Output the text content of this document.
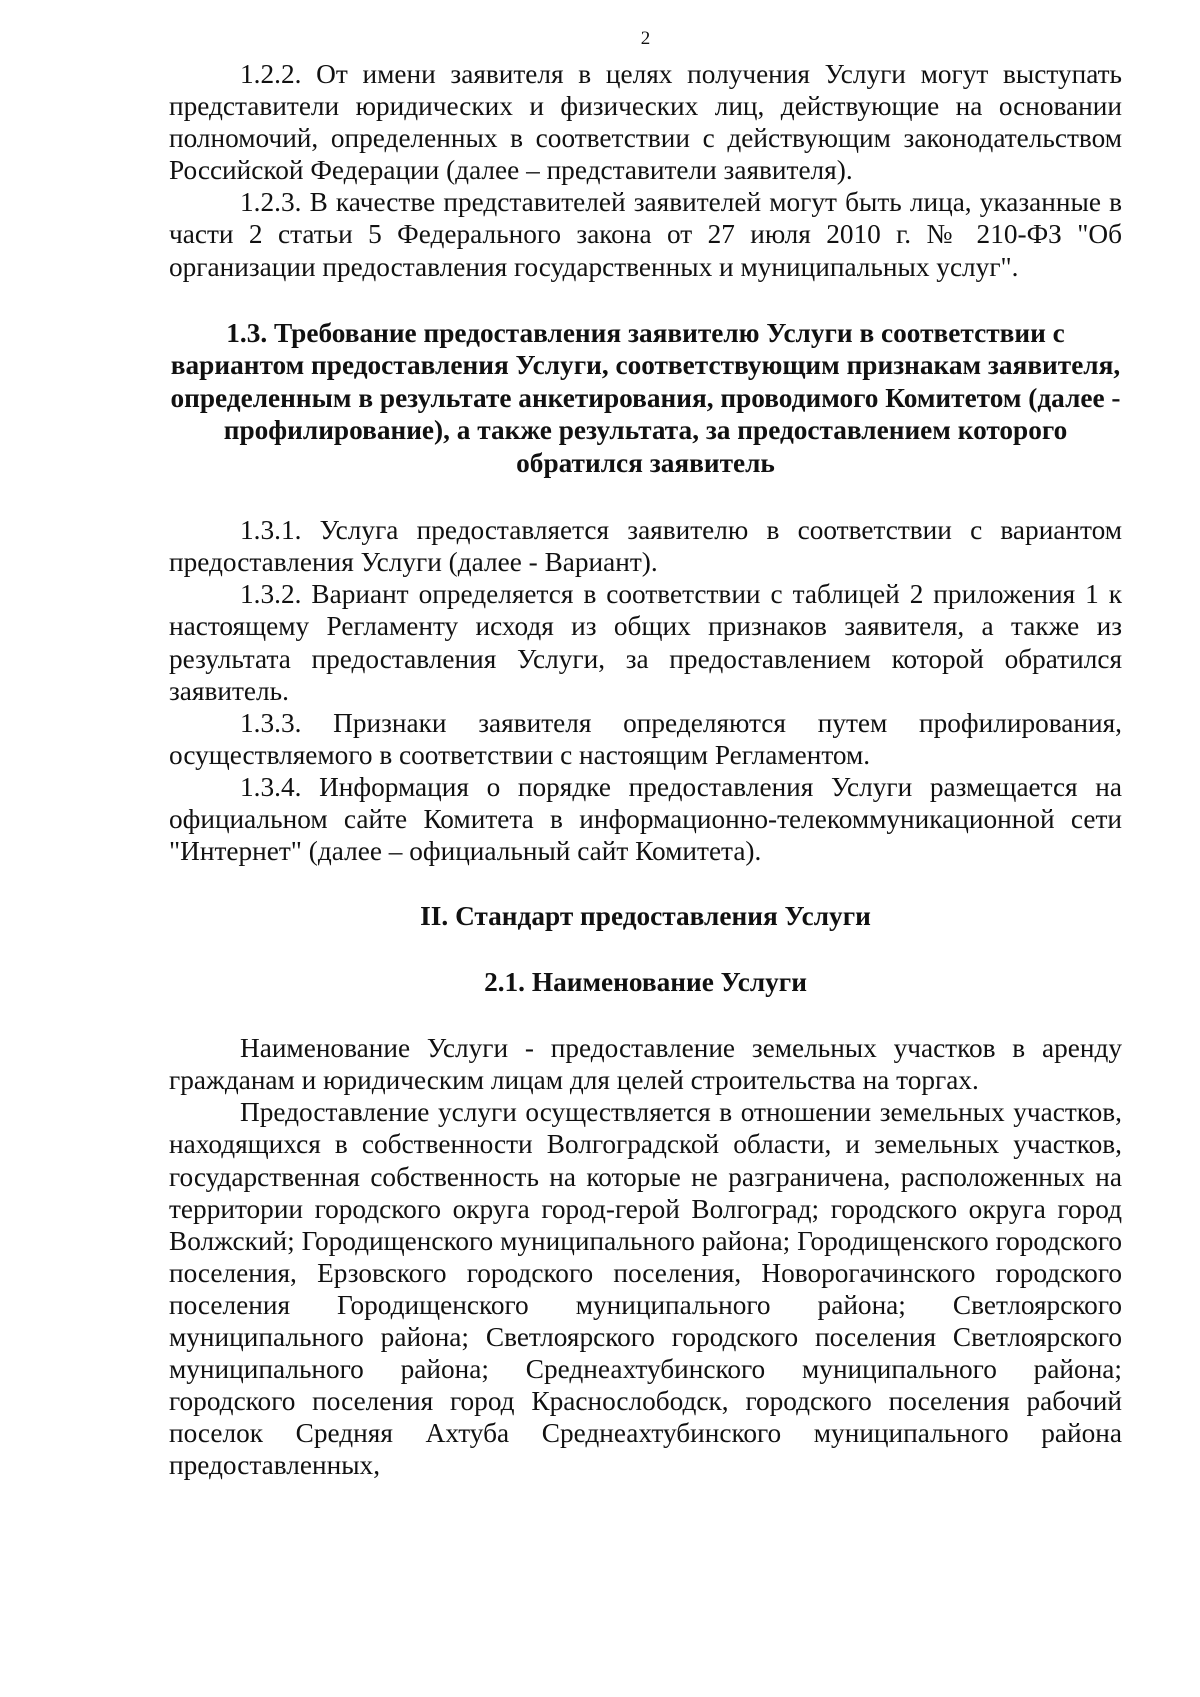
2

1.2.2. От имени заявителя в целях получения Услуги могут выступать представители юридических и физических лиц, действующие на основании полномочий, определенных в соответствии с действующим законодательством Российской Федерации (далее – представители заявителя).

1.2.3. В качестве представителей заявителей могут быть лица, указанные в части 2 статьи 5 Федерального закона от 27 июля 2010 г. № 210-ФЗ "Об организации предоставления государственных и муниципальных услуг".

1.3. Требование предоставления заявителю Услуги в соответствии с вариантом предоставления Услуги, соответствующим признакам заявителя, определенным в результате анкетирования, проводимого Комитетом (далее - профилирование), а также результата, за предоставлением которого обратился заявитель

1.3.1. Услуга предоставляется заявителю в соответствии с вариантом предоставления Услуги (далее - Вариант).

1.3.2. Вариант определяется в соответствии с таблицей 2 приложения 1 к настоящему Регламенту исходя из общих признаков заявителя, а также из результата предоставления Услуги, за предоставлением которой обратился заявитель.

1.3.3. Признаки заявителя определяются путем профилирования, осуществляемого в соответствии с настоящим Регламентом.

1.3.4. Информация о порядке предоставления Услуги размещается на официальном сайте Комитета в информационно-телекоммуникационной сети "Интернет" (далее – официальный сайт Комитета).

II. Стандарт предоставления Услуги
2.1. Наименование Услуги

Наименование Услуги - предоставление земельных участков в аренду гражданам и юридическим лицам для целей строительства на торгах.

Предоставление услуги осуществляется в отношении земельных участков, находящихся в собственности Волгоградской области, и земельных участков, государственная собственность на которые не разграничена, расположенных на территории городского округа город-герой Волгоград; городского округа город Волжский; Городищенского муниципального района; Городищенского городского поселения, Ерзовского городского поселения, Новорогачинского городского поселения Городищенского муниципального района; Светлоярского муниципального района; Светлоярского городского поселения Светлоярского муниципального района; Среднеахтубинского муниципального района; городского поселения город Краснослободск, городского поселения рабочий поселок Средняя Ахтуба Среднеахтубинского муниципального района предоставленных,
